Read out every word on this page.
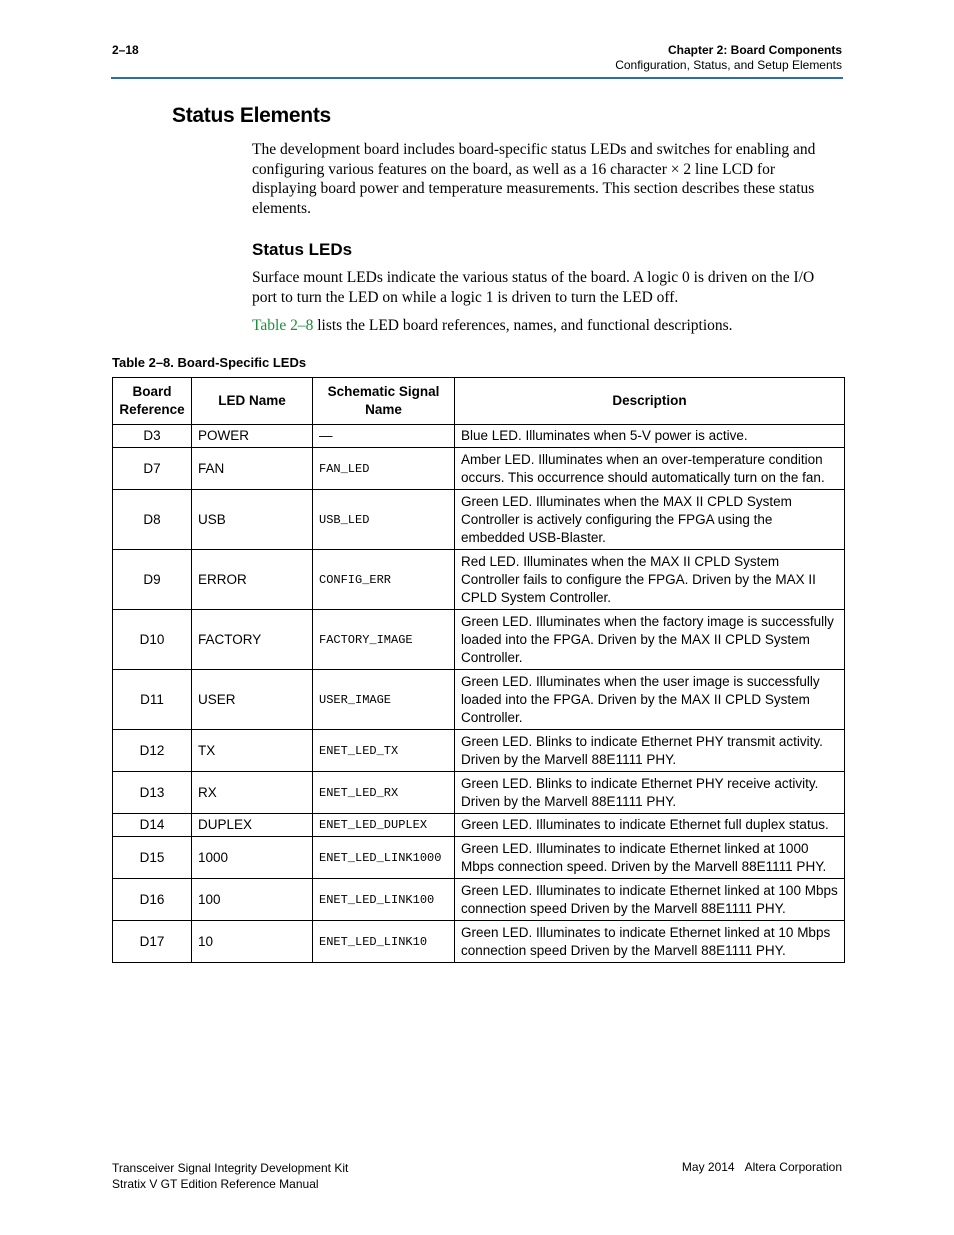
2–18	Chapter 2: Board Components
Configuration, Status, and Setup Elements
Status Elements

The development board includes board-specific status LEDs and switches for enabling and configuring various features on the board, as well as a 16 character × 2 line LCD for displaying board power and temperature measurements. This section describes these status elements.

Status LEDs

Surface mount LEDs indicate the various status of the board. A logic 0 is driven on the I/O port to turn the LED on while a logic 1 is driven to turn the LED off.

Table 2–8 lists the LED board references, names, and functional descriptions.

Table 2–8. Board-Specific LEDs
Board Reference	LED Name	Schematic Signal Name	Description
D3	POWER	—	Blue LED. Illuminates when 5-V power is active.
D7	FAN	FAN_LED	Amber LED. Illuminates when an over-temperature condition occurs. This occurrence should automatically turn on the fan.
D8	USB	USB_LED	Green LED. Illuminates when the MAX II CPLD System Controller is actively configuring the FPGA using the embedded USB-Blaster.
D9	ERROR	CONFIG_ERR	Red LED. Illuminates when the MAX II CPLD System Controller fails to configure the FPGA. Driven by the MAX II CPLD System Controller.
D10	FACTORY	FACTORY_IMAGE	Green LED. Illuminates when the factory image is successfully loaded into the FPGA. Driven by the MAX II CPLD System Controller.
D11	USER	USER_IMAGE	Green LED. Illuminates when the user image is successfully loaded into the FPGA. Driven by the MAX II CPLD System Controller.
D12	TX	ENET_LED_TX	Green LED. Blinks to indicate Ethernet PHY transmit activity. Driven by the Marvell 88E1111 PHY.
D13	RX	ENET_LED_RX	Green LED. Blinks to indicate Ethernet PHY receive activity. Driven by the Marvell 88E1111 PHY.
D14	DUPLEX	ENET_LED_DUPLEX	Green LED. Illuminates to indicate Ethernet full duplex status.
D15	1000	ENET_LED_LINK1000	Green LED. Illuminates to indicate Ethernet linked at 1000 Mbps connection speed. Driven by the Marvell 88E1111 PHY.
D16	100	ENET_LED_LINK100	Green LED. Illuminates to indicate Ethernet linked at 100 Mbps connection speed Driven by the Marvell 88E1111 PHY.
D17	10	ENET_LED_LINK10	Green LED. Illuminates to indicate Ethernet linked at 10 Mbps connection speed Driven by the Marvell 88E1111 PHY.
Transceiver Signal Integrity Development Kit
Stratix V GT Edition Reference Manual
May 2014 Altera Corporation
